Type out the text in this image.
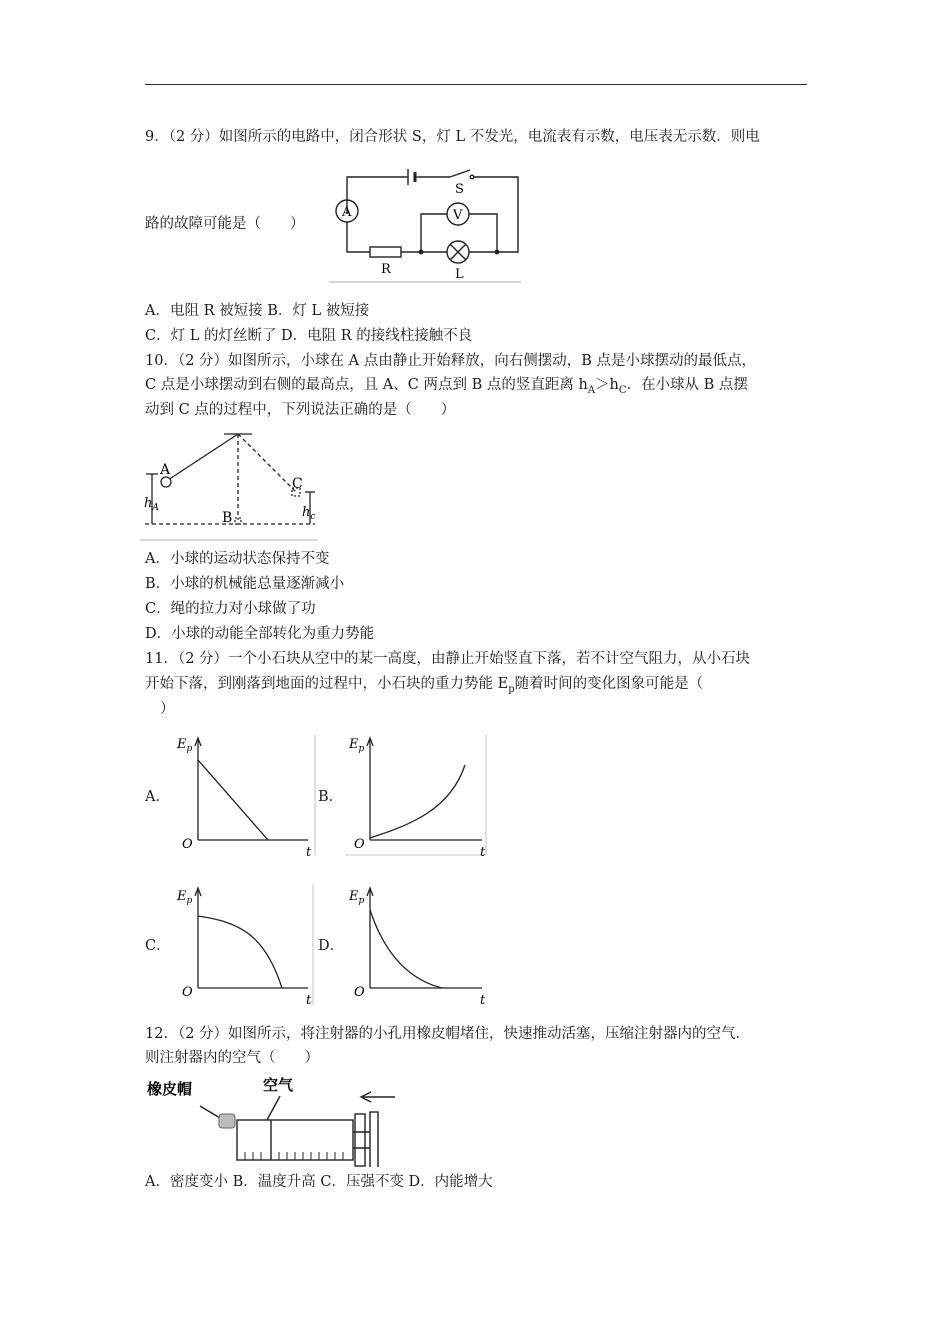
9．（2 分）如图所示的电路中，闭合形状 S，灯 L 不发光，电流表有示数，电压表无示数．则电
S
A	V
R	L
路的故障可能是（　　）
A．电阻 R 被短接 B．灯 L 被短接
C．灯 L 的灯丝断了 D．电阻 R 的接线柱接触不良
10．（2 分）如图所示，小球在 A 点由静止开始释放，向右侧摆动，B 点是小球摆动的最低点，
C 点是小球摆动到右侧的最高点，且 A、C 两点到 B 点的竖直距离 $h_A>h_C$．在小球从 B 点摆
动到 C 点的过程中，下列说法正确的是（　　）
A
B
C
$h_A$	$h_c$
A．小球的运动状态保持不变
B．小球的机械能总量逐渐减小
C．绳的拉力对小球做了功
D．小球的动能全部转化为重力势能
11．（2 分）一个小石块从空中的某一高度，由静止开始竖直下落，若不计空气阻力，从小石块
开始下落，到刚落到地面的过程中，小石块的重力势能 $E_p$随着时间的变化图象可能是（
）
A．	B．
C．	D．
$E_p$
O
t
$E_p$
O
t
$E_p$
O
t
$E_p$
O
t
12．（2 分）如图所示，将注射器的小孔用橡皮帽堵住，快速推动活塞，压缩注射器内的空气．
则注射器内的空气（　　）
橡皮帽	空气
A．密度变小 B．温度升高 C．压强不变 D．内能增大
